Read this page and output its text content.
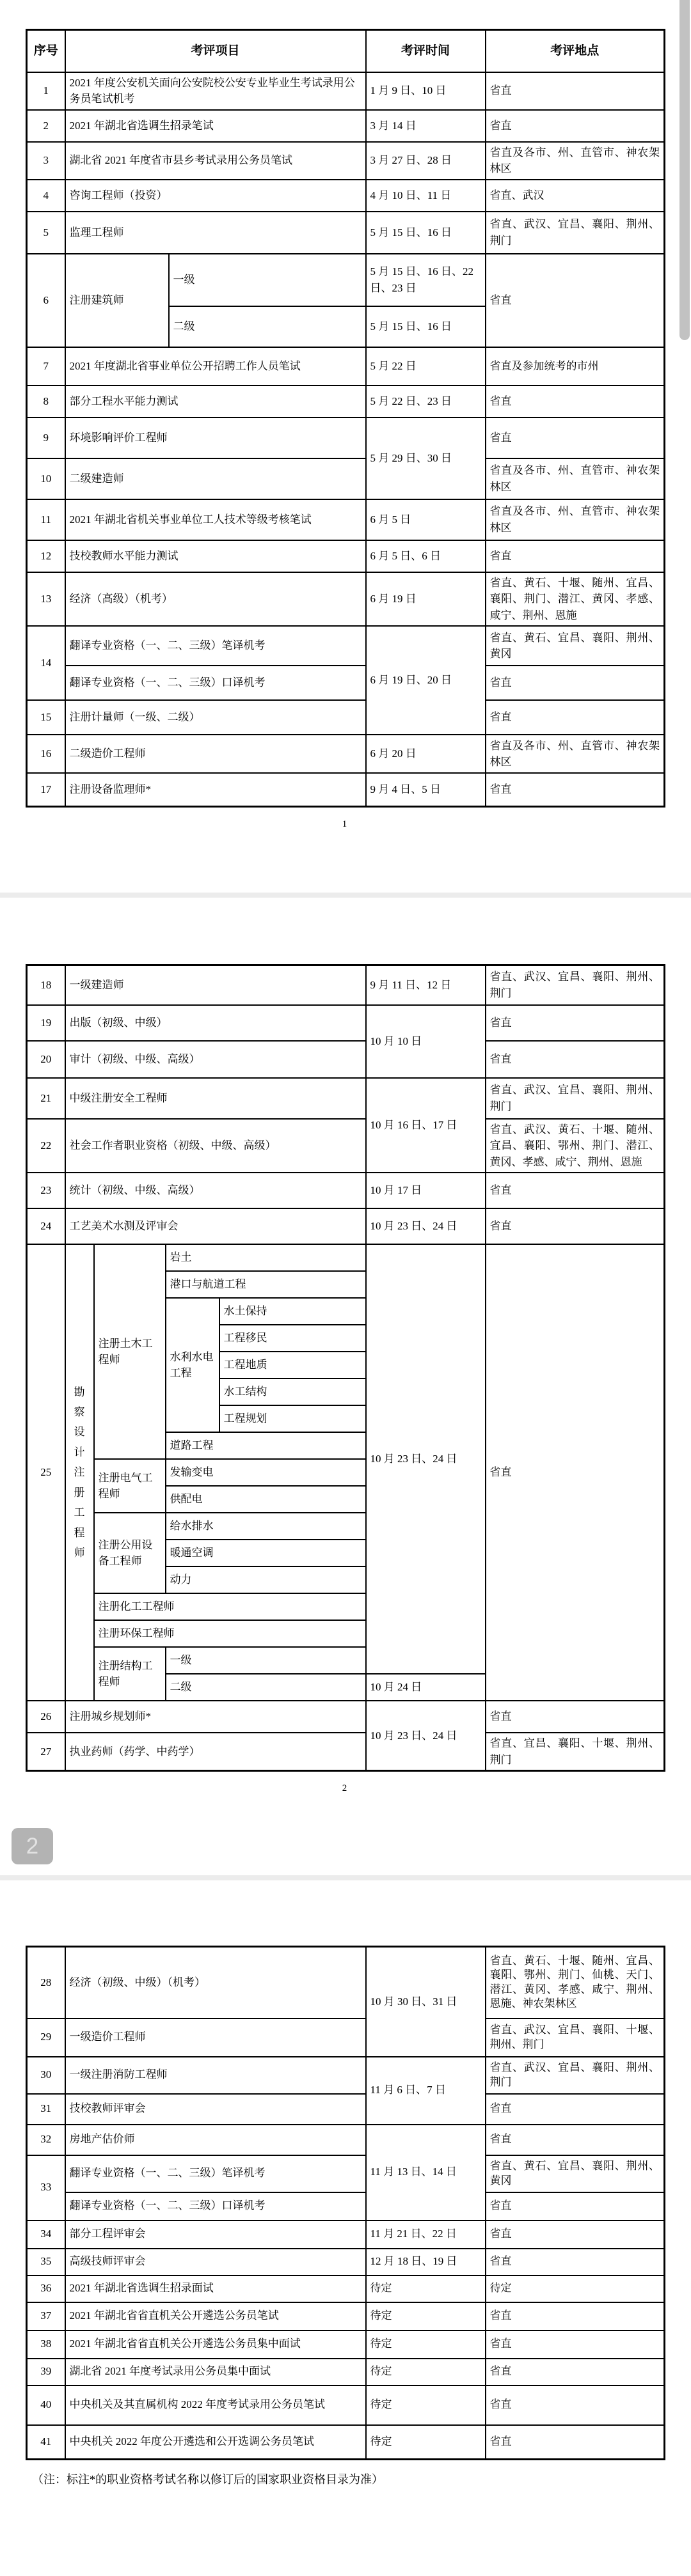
序号	考评项目		考评时间	考评地点
1	2021 年度公安机关面向公安院校公安专业毕业生考试录用公务员笔试机考		1 月 9 日、10 日	省直
2	2021 年湖北省选调生招录笔试		3 月 14 日	省直
3	湖北省 2021 年度省市县乡考试录用公务员笔试		3 月 27 日、28 日	省直及各市、州、直管市、神农架林区
4	咨询工程师（投资）		4 月 10 日、11 日	省直、武汉
5	监理工程师		5 月 15 日、16 日	省直、武汉、宜昌、襄阳、荆州、荆门
6	注册建筑师	一级	5 月 15 日、16 日、22 日、23 日	省直
		二级	5 月 15 日、16 日	
7	2021 年度湖北省事业单位公开招聘工作人员笔试		5 月 22 日	省直及参加统考的市州
8	部分工程水平能力测试		5 月 22 日、23 日	省直
9	环境影响评价工程师		5 月 29 日、30 日	省直
10	二级建造师			省直及各市、州、直管市、神农架林区
11	2021 年湖北省机关事业单位工人技术等级考核笔试		6 月 5 日	省直及各市、州、直管市、神农架林区
12	技校教师水平能力测试		6 月 5 日、6 日	省直
13	经济（高级）（机考）		6 月 19 日	省直、黄石、十堰、随州、宜昌、襄阳、荆门、潜江、黄冈、孝感、咸宁、荆州、恩施
14	翻译专业资格（一、二、三级）笔译机考		6 月 19 日、20 日	省直、黄石、宜昌、襄阳、荆州、黄冈
	翻译专业资格（一、二、三级）口译机考			省直
15	注册计量师（一级、二级）			省直
16	二级造价工程师		6 月 20 日	省直及各市、州、直管市、神农架林区
17	注册设备监理师*		9 月 4 日、5 日	省直
1
18	一级建造师				9 月 11 日、12 日	省直、武汉、宜昌、襄阳、荆州、荆门
19	出版（初级、中级）				10 月 10 日	省直
20	审计（初级、中级、高级）					省直
21	中级注册安全工程师				10 月 16 日、17 日	省直、武汉、宜昌、襄阳、荆州、荆门
22	社会工作者职业资格（初级、中级、高级）					省直、武汉、黄石、十堰、随州、宜昌、襄阳、鄂州、荆门、潜江、黄冈、孝感、咸宁、荆州、恩施
23	统计（初级、中级、高级）				10 月 17 日	省直
24	工艺美术水测及评审会				10 月 23 日、24 日	省直
25	勘察设计注册工程师	注册土木工程师	岩土		10 月 23 日、24 日	省直
			港口与航道工程			
			水利水电工程	水土保持		
				工程移民		
				工程地质		
				水工结构		
				工程规划		
			道路工程			
		注册电气工程师	发输变电			
			供配电			
		注册公用设备工程师	给水排水			
			暖通空调			
			动力			
		注册化工工程师				
		注册环保工程师				
		注册结构工程师	一级			
			二级		10 月 24 日	
26	注册城乡规划师*				10 月 23 日、24 日	省直
27	执业药师（药学、中药学）					省直、宜昌、襄阳、十堰、荆州、荆门
2
28	经济（初级、中级）（机考）	10 月 30 日、31 日	省直、黄石、十堰、随州、宜昌、襄阳、鄂州、荆门、仙桃、天门、潜江、黄冈、孝感、咸宁、荆州、恩施、神农架林区
29	一级造价工程师		省直、武汉、宜昌、襄阳、十堰、荆州、荆门
30	一级注册消防工程师	11 月 6 日、7 日	省直、武汉、宜昌、襄阳、荆州、荆门
31	技校教师评审会		省直
32	房地产估价师	11 月 13 日、14 日	省直
33	翻译专业资格（一、二、三级）笔译机考		省直、黄石、宜昌、襄阳、荆州、黄冈
	翻译专业资格（一、二、三级）口译机考		省直
34	部分工程评审会	11 月 21 日、22 日	省直
35	高级技师评审会	12 月 18 日、19 日	省直
36	2021 年湖北省选调生招录面试	待定	待定
37	2021 年湖北省省直机关公开遴选公务员笔试	待定	省直
38	2021 年湖北省省直机关公开遴选公务员集中面试	待定	省直
39	湖北省 2021 年度考试录用公务员集中面试	待定	省直
40	中央机关及其直属机构 2022 年度考试录用公务员笔试	待定	省直
41	中央机关 2022 年度公开遴选和公开选调公务员笔试	待定	省直
（注：标注*的职业资格考试名称以修订后的国家职业资格目录为准）
2
